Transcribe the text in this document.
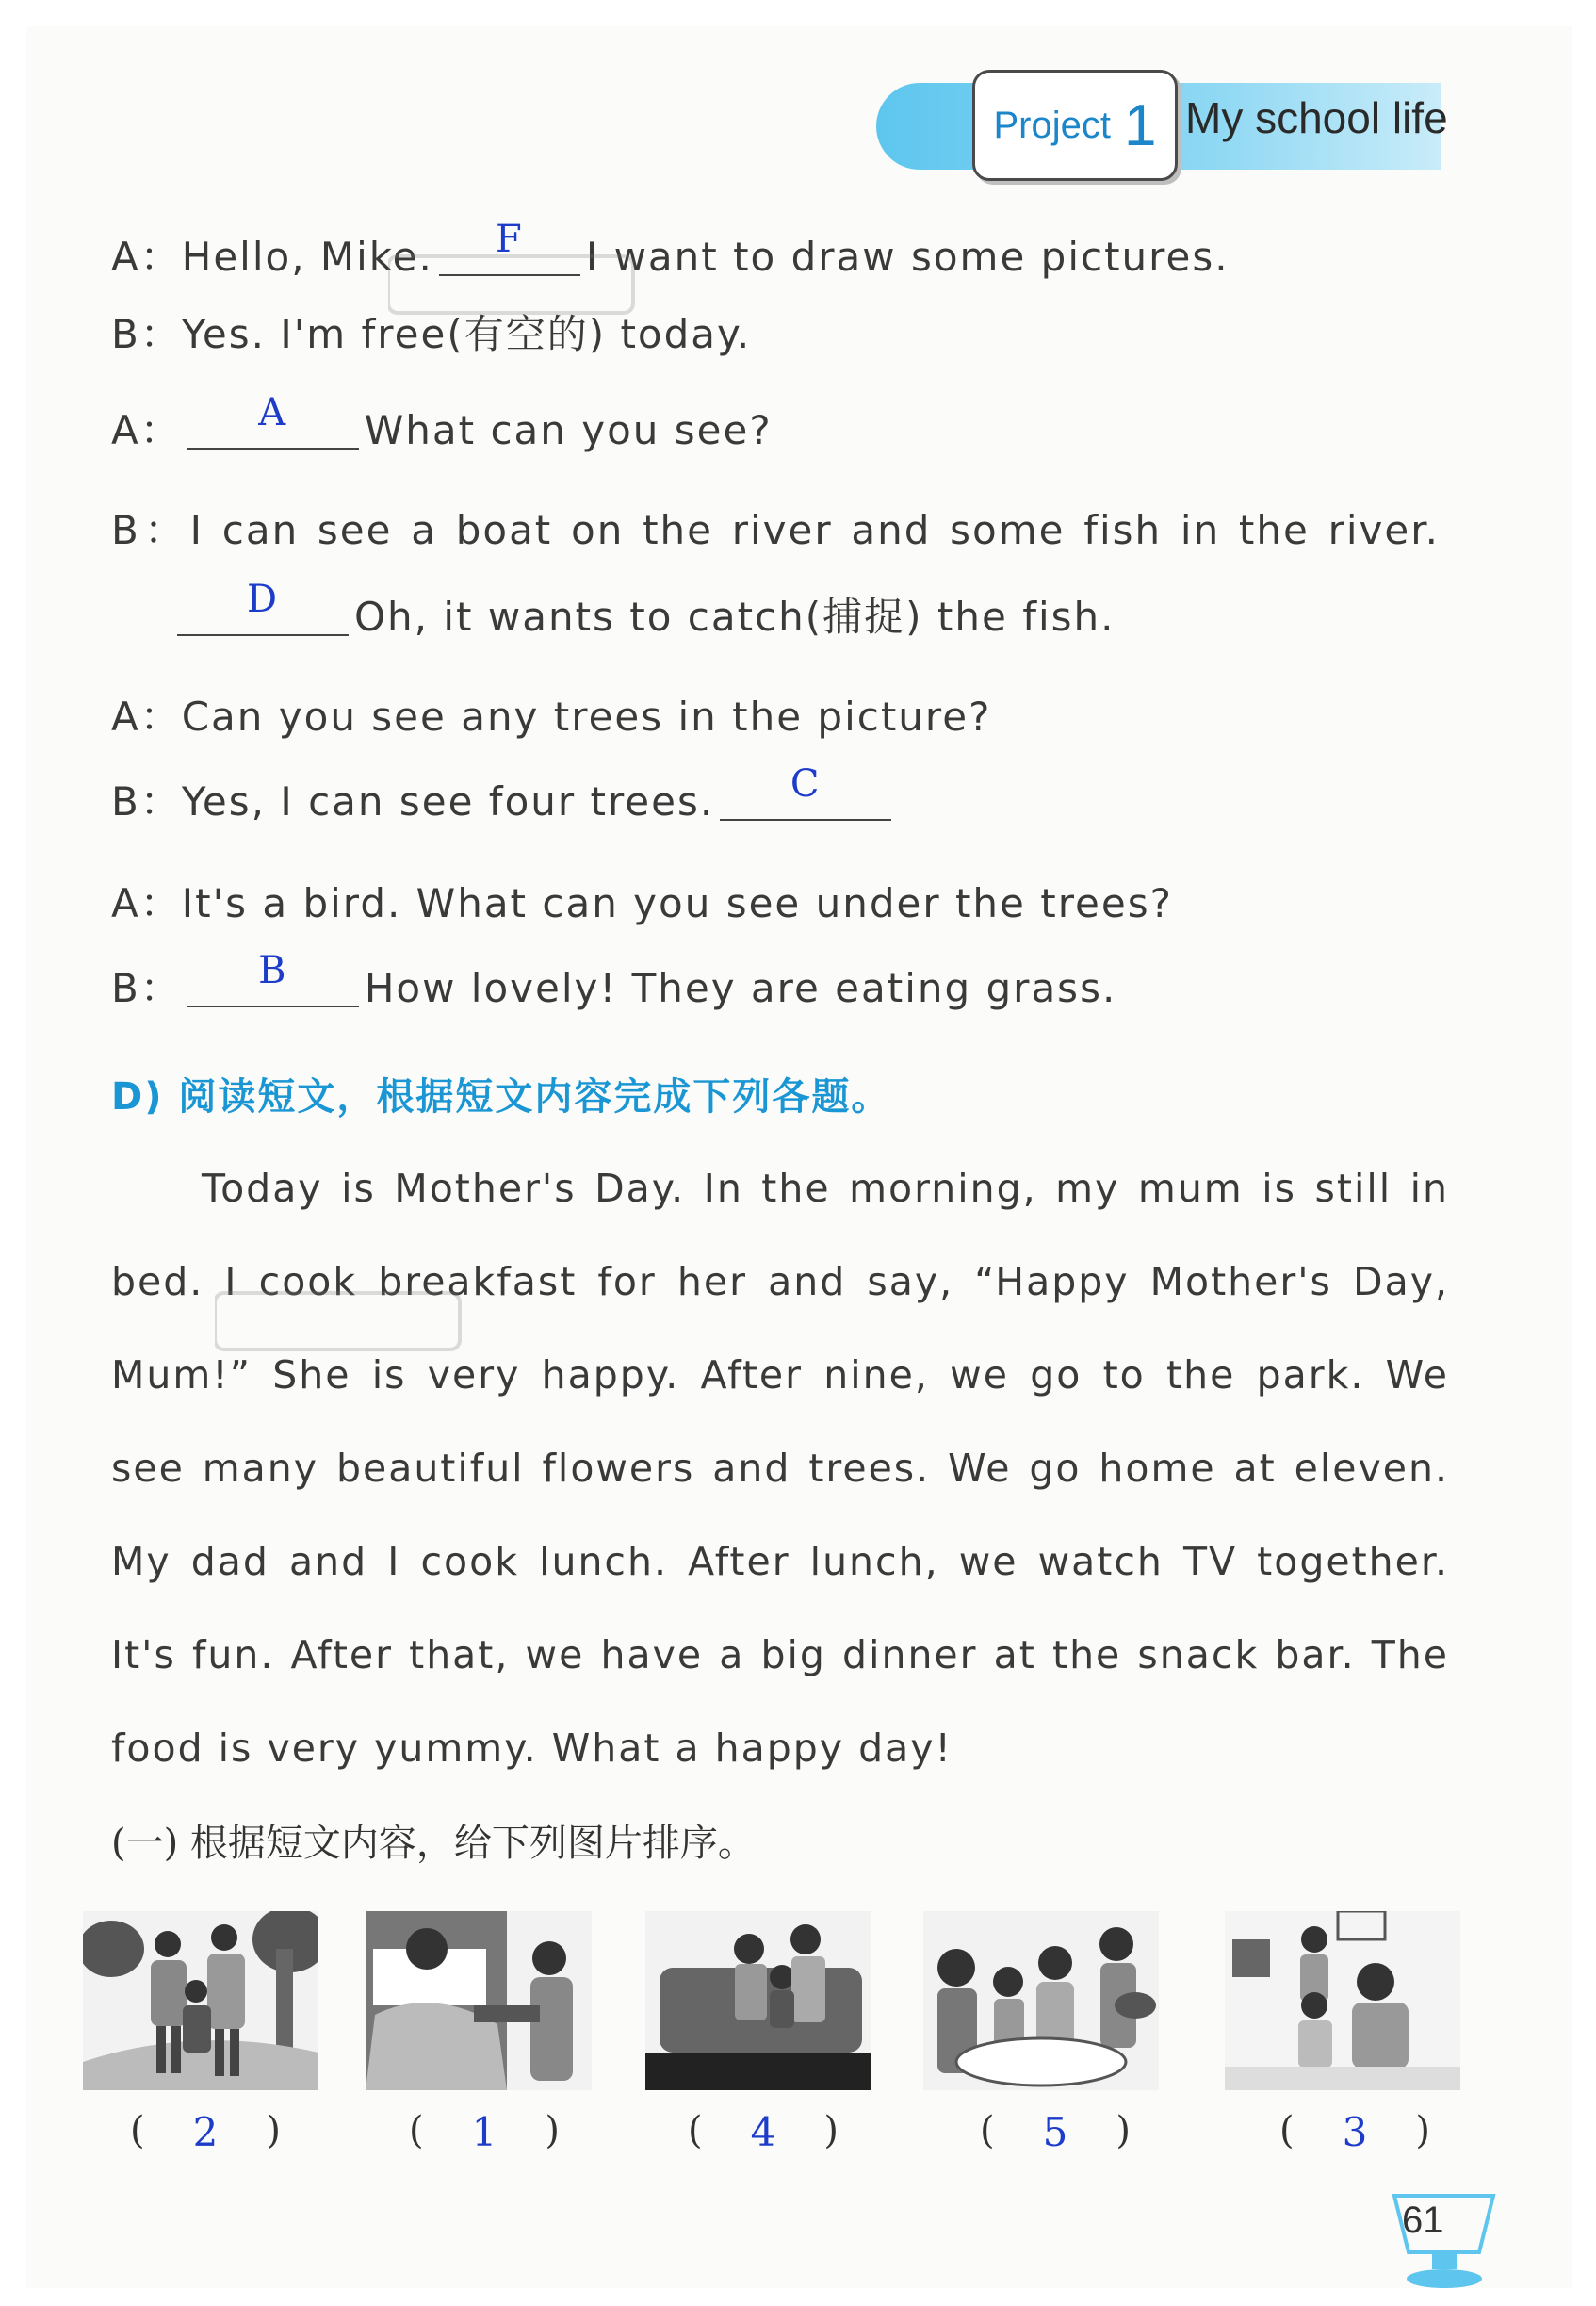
Project 1 My school life
A：Hello, Mike.	F	I want to draw some pictures.
B：Yes. I'm free(有空的) today.
A：	A	What can you see?
B：I can see a boat on the river and some fish in the river.
D	Oh, it wants to catch(捕捉) the fish.
A：Can you see any trees in the picture?
B：Yes, I can see four trees.	C
A：It's a bird. What can you see under the trees?
B：	B	How lovely! They are eating grass.
D) 阅读短文，根据短文内容完成下列各题。

Today is Mother's Day. In the morning, my mum is still in bed. I cook breakfast for her and say, “Happy Mother's Day, Mum!” She is very happy. After nine, we go to the park. We see many beautiful flowers and trees. We go home at eleven. My dad and I cook lunch. After lunch, we watch TV together. It's fun. After that, we have a big dinner at the snack bar. The food is very yummy. What a happy day!

(一) 根据短文内容，给下列图片排序。
( 2 )	( 1 )	( 4 )	( 5 )	( 3 )
61
